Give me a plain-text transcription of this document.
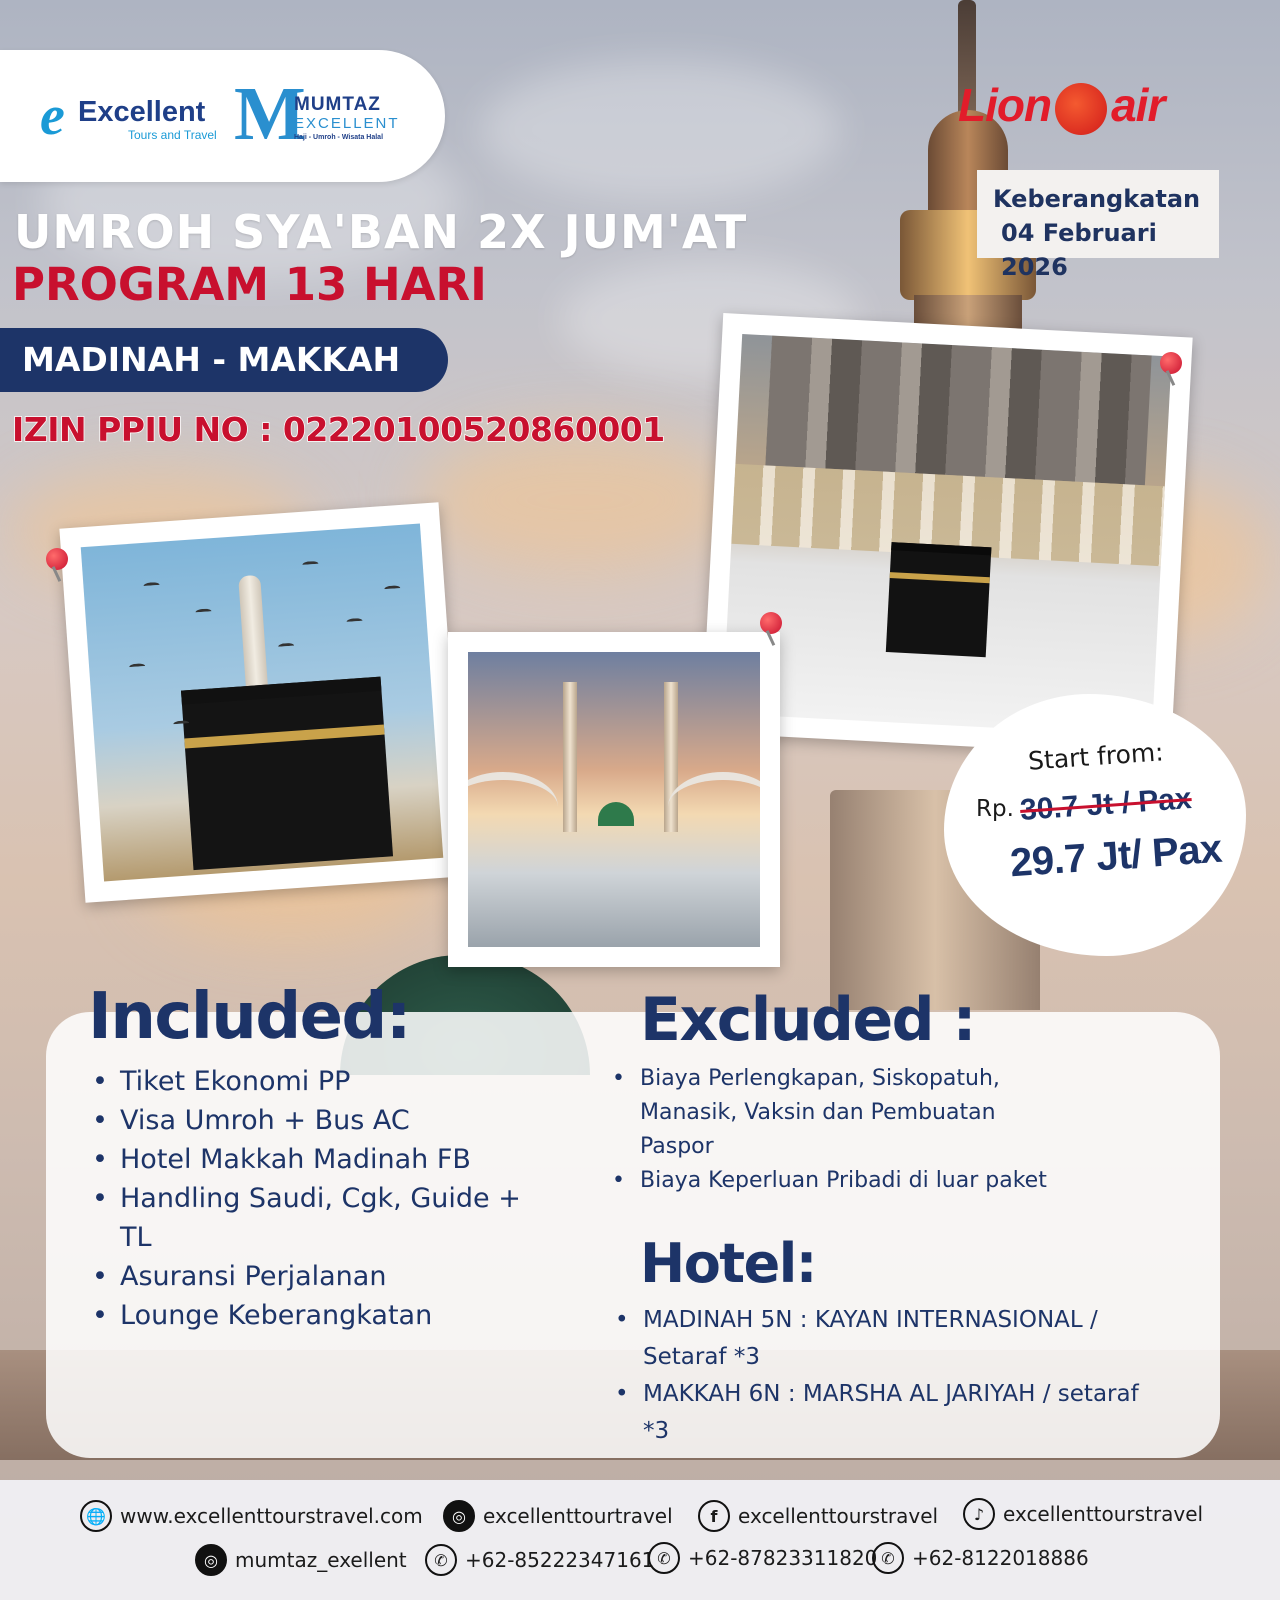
e Excellent
Tours and Travel M
MUMTAZ
EXCELLENT
Haji - Umroh - Wisata Halal
Lion air
Keberangkatan
04 Februari 2026
UMROH SYA'BAN 2X JUM'AT
PROGRAM 13 HARI
MADINAH - MAKKAH
IZIN PPIU NO : 02220100520860001
Start from:
Rp. 30.7 Jt / Pax
29.7 Jt/ Pax
Included:
• Tiket Ekonomi PP
• Visa Umroh + Bus AC
• Hotel Makkah Madinah FB
• Handling Saudi, Cgk, Guide + TL
• Asuransi Perjalanan
• Lounge Keberangkatan
Excluded :
• Biaya Perlengkapan, Siskopatuh, Manasik, Vaksin dan Pembuatan Paspor
• Biaya Keperluan Pribadi di luar paket
Hotel:
• MADINAH 5N : KAYAN INTERNASIONAL / Setaraf *3
• MAKKAH 6N : MARSHA AL JARIYAH / setaraf *3
🌐 www.excellenttourstravel.com	◎ excellenttourtravel	f	excellenttourstravel	♪ excellenttourstravel
◎ mumtaz_exellent	✆ +62-85222347161 ✆ +62-87823311820 ✆ +62-8122018886
